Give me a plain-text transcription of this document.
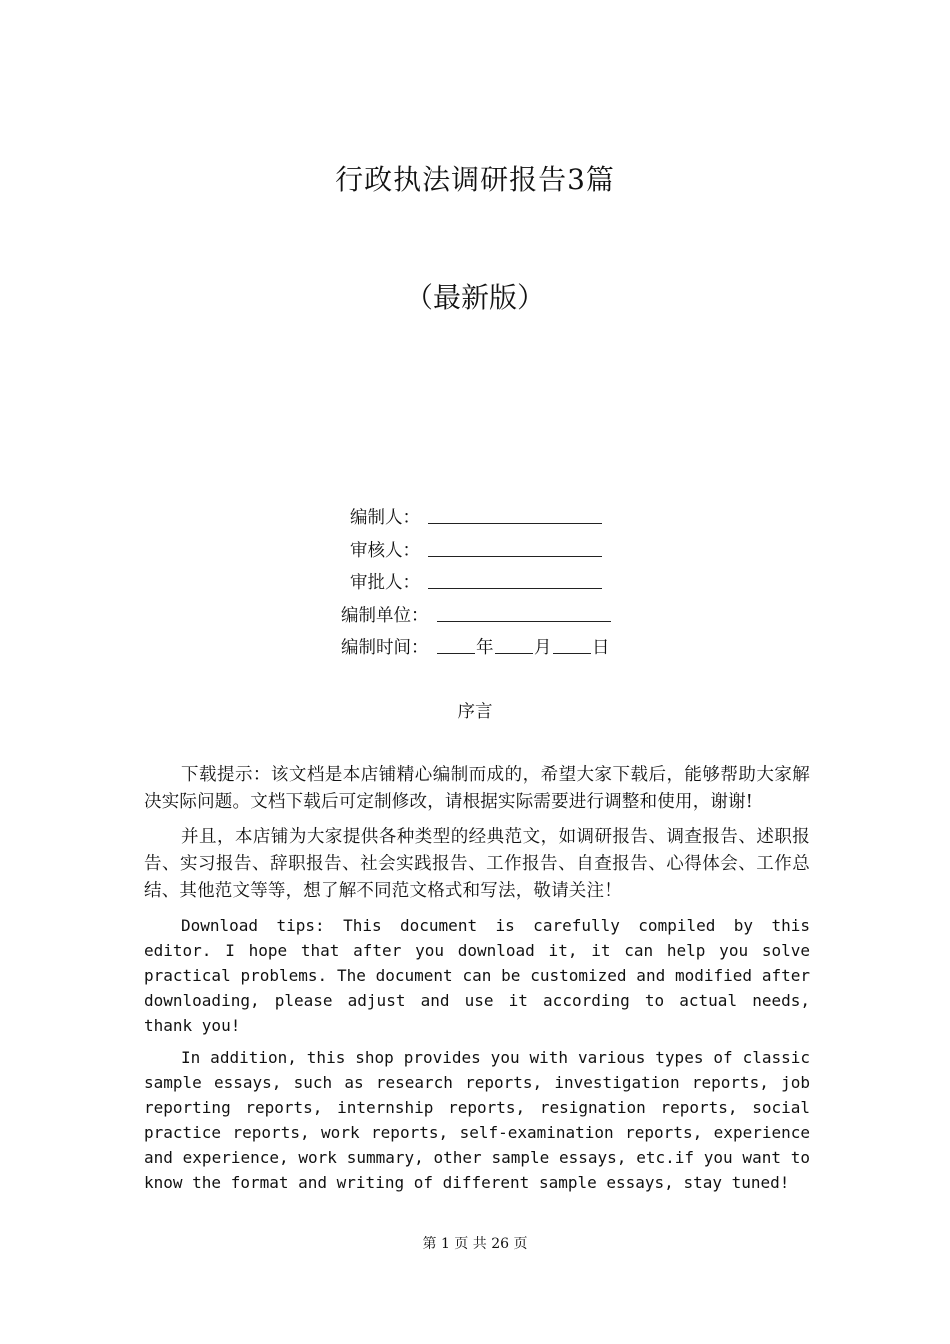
行政执法调研报告3篇
（最新版）
编制人：
审核人：
审批人：
编制单位：
编制时间：	年 月 日
序言

下载提示：该文档是本店铺精心编制而成的，希望大家下载后，能够帮助大家解决实际问题。文档下载后可定制修改，请根据实际需要进行调整和使用，谢谢!

并且，本店铺为大家提供各种类型的经典范文，如调研报告、调查报告、述职报告、实习报告、辞职报告、社会实践报告、工作报告、自查报告、心得体会、工作总结、其他范文等等，想了解不同范文格式和写法，敬请关注！

Download tips: This document is carefully compiled by this editor. I hope that after you download it, it can help you solve practical problems. The document can be customized and modified after downloading, please adjust and use it according to actual needs, thank you!

In addition, this shop provides you with various types of classic sample essays, such as research reports, investigation reports, job reporting reports, internship reports, resignation reports, social practice reports, work reports, self-examination reports, experience and experience, work summary, other sample essays, etc.if you want to know the format and writing of different sample essays, stay tuned!

第 1 页 共 26 页
